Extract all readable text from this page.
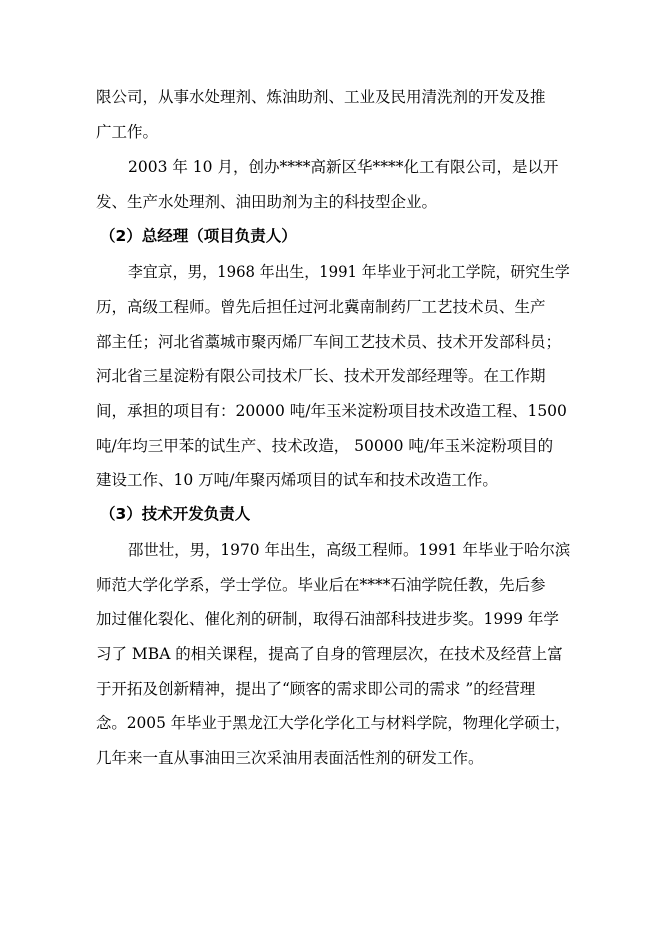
限公司，从事水处理剂、炼油助剂、工业及民用清洗剂的开发及推
广工作。
2003 年 10 月，创办****高新区华****化工有限公司，是以开
发、生产水处理剂、油田助剂为主的科技型企业。
（2）总经理（项目负责人）
李宜京，男，1968 年出生，1991 年毕业于河北工学院，研究生学
历，高级工程师。曾先后担任过河北冀南制药厂工艺技术员、生产
部主任；河北省藁城市聚丙烯厂车间工艺技术员、技术开发部科员；
河北省三星淀粉有限公司技术厂长、技术开发部经理等。在工作期
间，承担的项目有：20000 吨/年玉米淀粉项目技术改造工程、1500
吨/年均三甲苯的试生产、技术改造， 50000 吨/年玉米淀粉项目的
建设工作、10 万吨/年聚丙烯项目的试车和技术改造工作。
（3）技术开发负责人
邵世壮，男，1970 年出生，高级工程师。1991 年毕业于哈尔滨
师范大学化学系，学士学位。毕业后在****石油学院任教，先后参
加过催化裂化、催化剂的研制，取得石油部科技进步奖。1999 年学
习了 MBA 的相关课程，提高了自身的管理层次，在技术及经营上富
于开拓及创新精神，提出了“顾客的需求即公司的需求 ”的经营理
念。2005 年毕业于黑龙江大学化学化工与材料学院，物理化学硕士，
几年来一直从事油田三次采油用表面活性剂的研发工作。
